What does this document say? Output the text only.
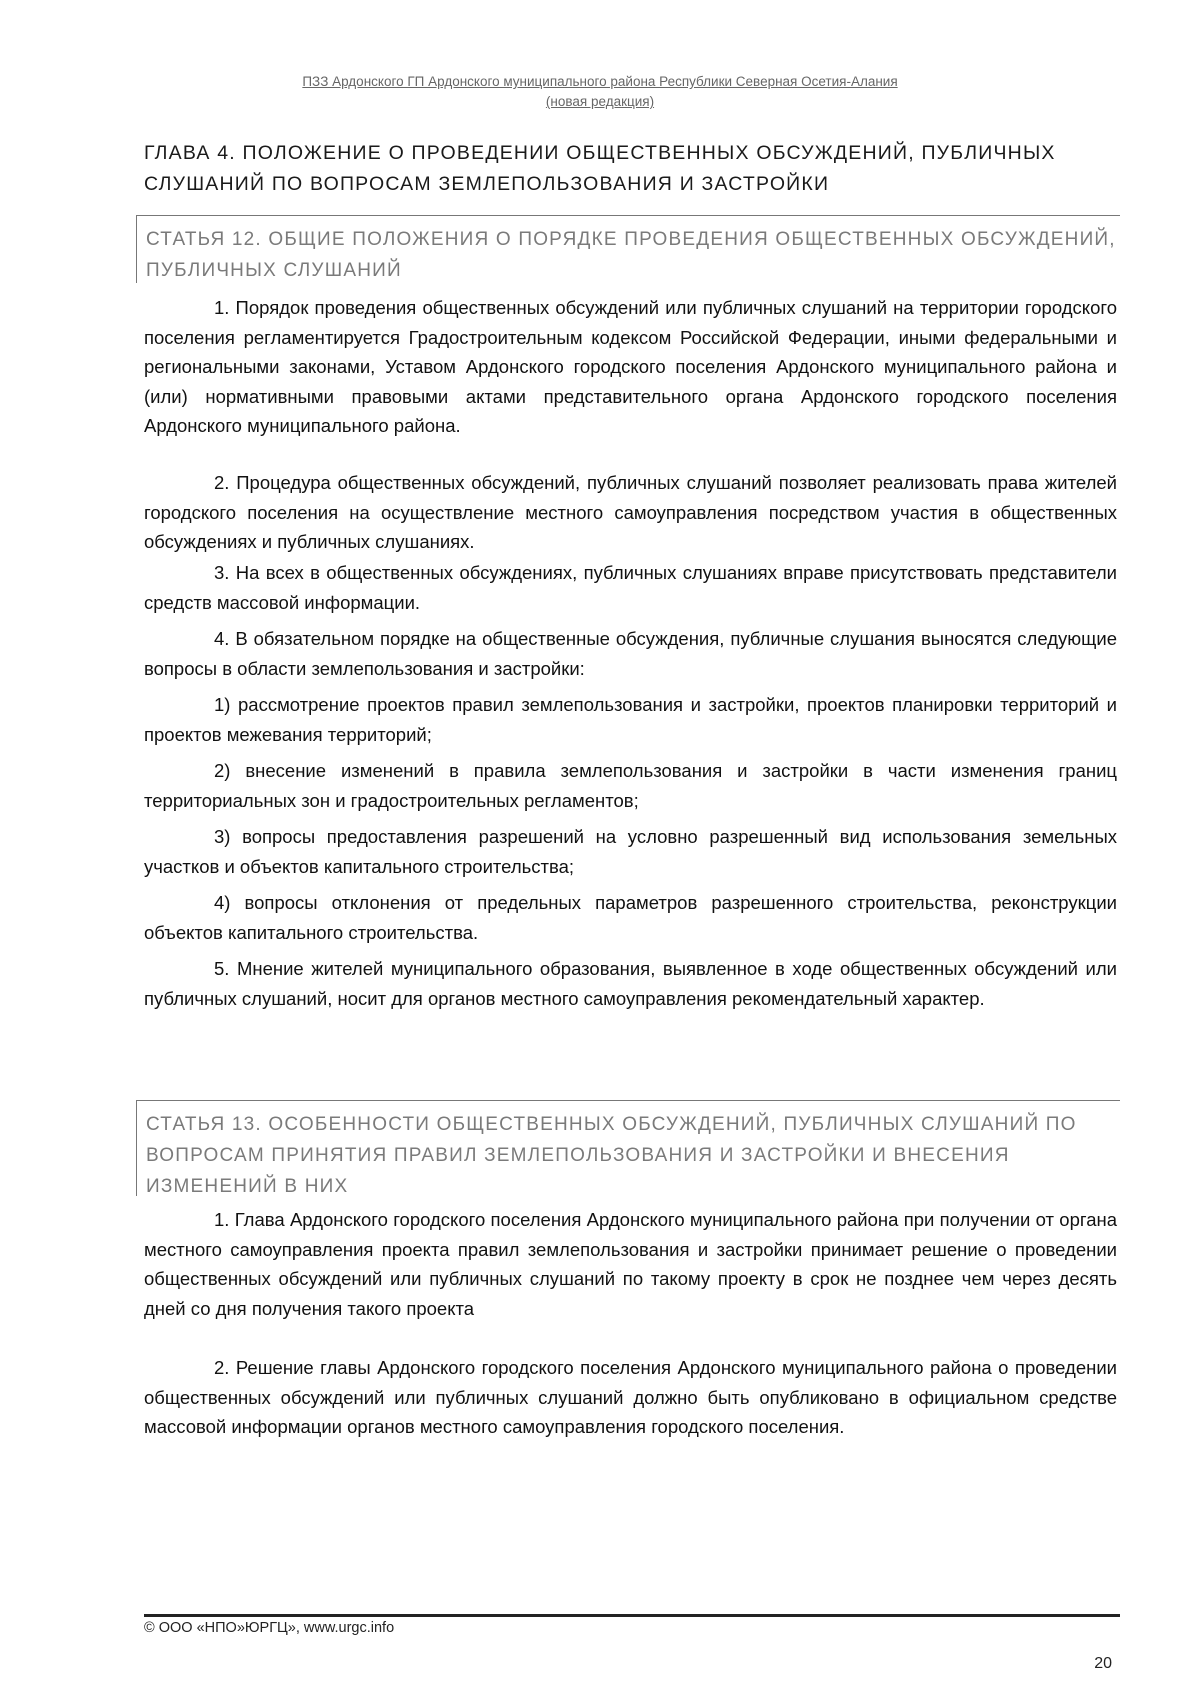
ПЗЗ Ардонского ГП Ардонского муниципального района Республики Северная Осетия-Алания
(новая редакция)
ГЛАВА 4. ПОЛОЖЕНИЕ О ПРОВЕДЕНИИ ОБЩЕСТВЕННЫХ ОБСУЖДЕНИЙ, ПУБЛИЧНЫХ СЛУШАНИЙ ПО ВОПРОСАМ ЗЕМЛЕПОЛЬЗОВАНИЯ И ЗАСТРОЙКИ
СТАТЬЯ 12. ОБЩИЕ ПОЛОЖЕНИЯ О ПОРЯДКЕ ПРОВЕДЕНИЯ ОБЩЕСТВЕННЫХ ОБСУЖДЕНИЙ, ПУБЛИЧНЫХ СЛУШАНИЙ
1. Порядок проведения общественных обсуждений или публичных слушаний на территории городского поселения регламентируется Градостроительным кодексом Российской Федерации, иными федеральными и региональными законами, Уставом Ардонского городского поселения Ардонского муниципального района и (или) нормативными правовыми актами представительного органа Ардонского городского поселения Ардонского муниципального района.
2. Процедура общественных обсуждений, публичных слушаний позволяет реализовать права жителей городского поселения на осуществление местного самоуправления посредством участия в общественных обсуждениях и публичных слушаниях.
3. На всех в общественных обсуждениях, публичных слушаниях вправе присутствовать представители средств массовой информации.
4. В обязательном порядке на общественные обсуждения, публичные слушания выносятся следующие вопросы в области землепользования и застройки:
1) рассмотрение проектов правил землепользования и застройки, проектов планировки территорий и проектов межевания территорий;
2) внесение изменений в правила землепользования и застройки в части изменения границ территориальных зон и градостроительных регламентов;
3) вопросы предоставления разрешений на условно разрешенный вид использования земельных участков и объектов капитального строительства;
4) вопросы отклонения от предельных параметров разрешенного строительства, реконструкции объектов капитального строительства.
5. Мнение жителей муниципального образования, выявленное в ходе общественных обсуждений или публичных слушаний, носит для органов местного самоуправления рекомендательный характер.
СТАТЬЯ 13. ОСОБЕННОСТИ ОБЩЕСТВЕННЫХ ОБСУЖДЕНИЙ, ПУБЛИЧНЫХ СЛУШАНИЙ ПО ВОПРОСАМ ПРИНЯТИЯ ПРАВИЛ ЗЕМЛЕПОЛЬЗОВАНИЯ И ЗАСТРОЙКИ И ВНЕСЕНИЯ ИЗМЕНЕНИЙ В НИХ
1. Глава Ардонского городского поселения Ардонского муниципального района при получении от органа местного самоуправления проекта правил землепользования и застройки принимает решение о проведении общественных обсуждений или публичных слушаний по такому проекту в срок не позднее чем через десять дней со дня получения такого проекта
2. Решение главы Ардонского городского поселения Ардонского муниципального района о проведении общественных обсуждений или публичных слушаний должно быть опубликовано в официальном средстве массовой информации органов местного самоуправления городского поселения.
© ООО «НПО»ЮРГЦ», www.urgc.info
20
